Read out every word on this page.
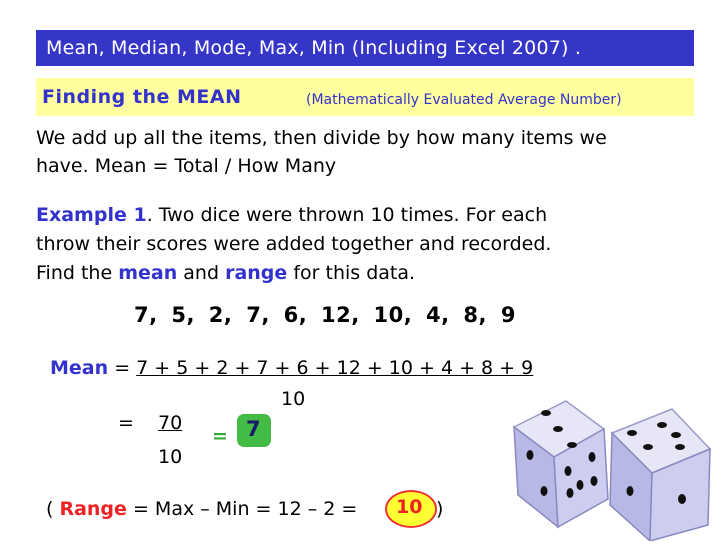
Mean, Median, Mode, Max, Min (Including Excel 2007) .
Finding the MEAN	(Mathematically Evaluated Average Number)
We add up all the items, then divide by how many items we have. Mean = Total / How Many
Example 1. Two dice were thrown 10 times. For each
throw their scores were added together and recorded.
Find the mean and range for this data.
7, 5, 2, 7, 6, 12, 10, 4, 8, 9
Mean = 7 + 5 + 2 + 7 + 6 + 12 + 10 + 4 + 8 + 9
10
= 70
10
= 7
( Range = Max – Min = 12 – 2 = 10 )
